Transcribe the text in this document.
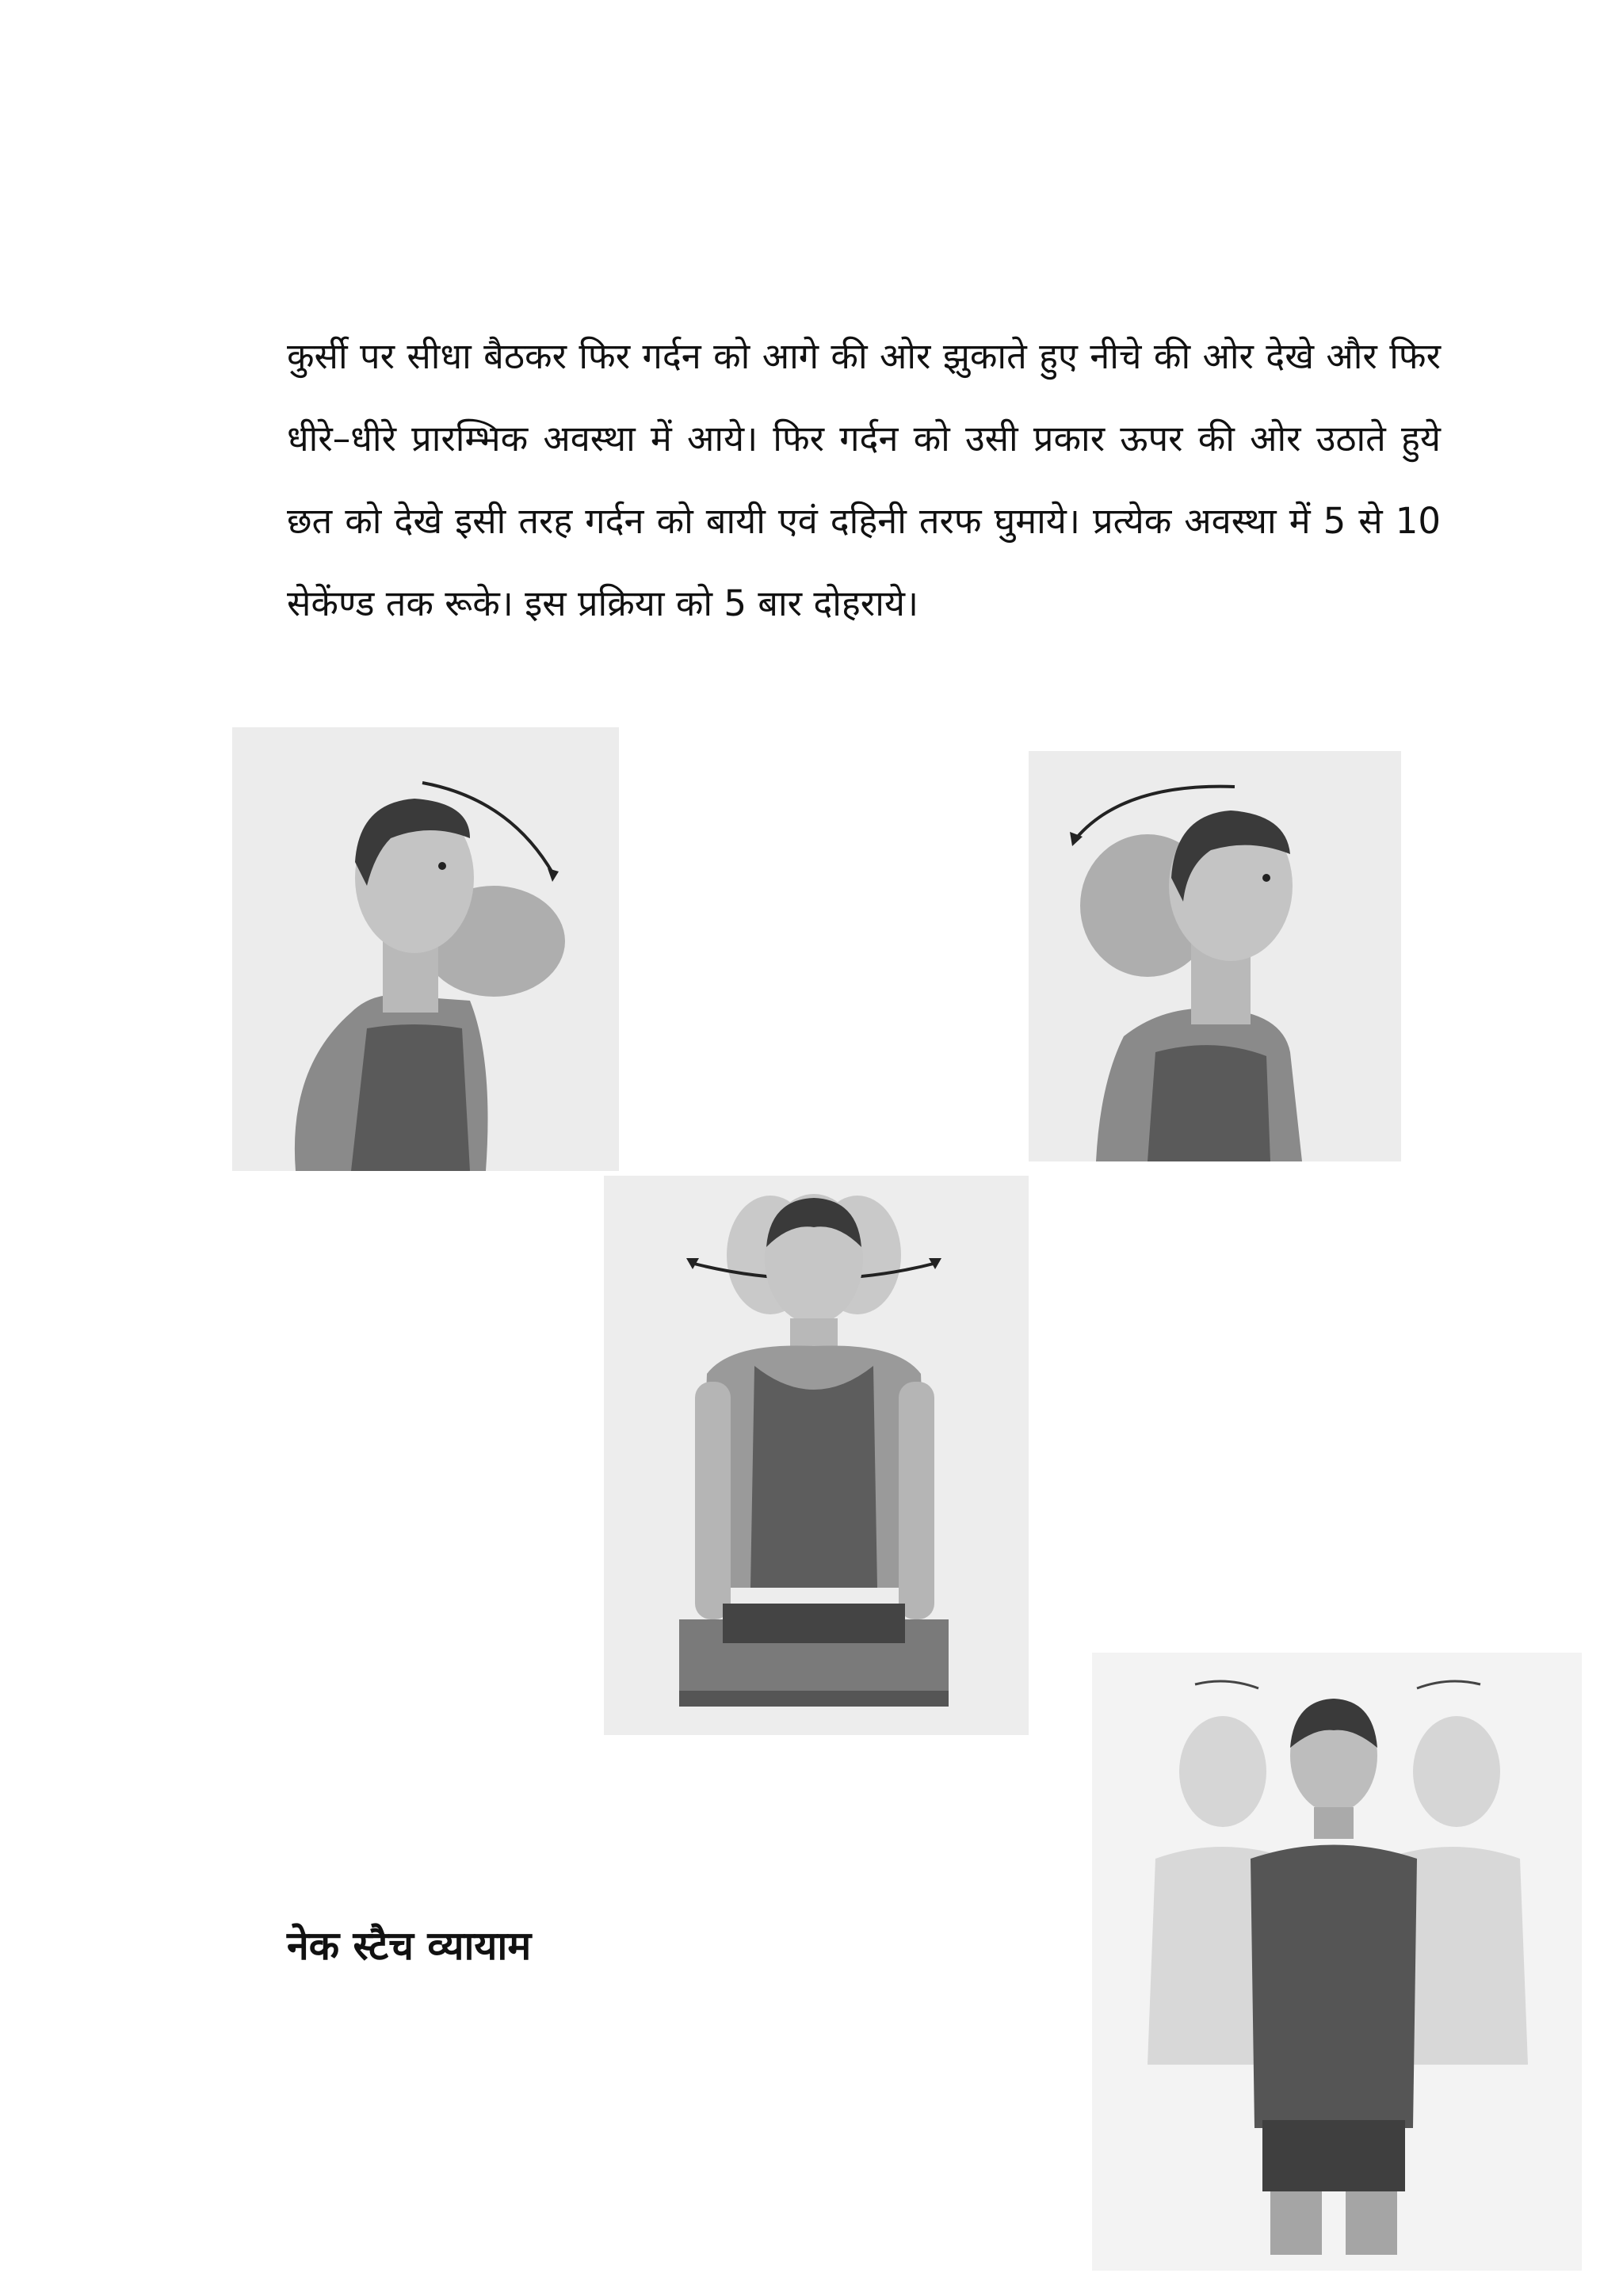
कुर्सी पर सीधा बैठकर फिर गर्दन को आगे की ओर झुकाते हुए नीचे की ओर देखे और फिर धीरे–धीरे प्रारम्भिक अवस्था में आये। फिर गर्दन को उसी प्रकार ऊपर की ओर उठाते हुये छत को देखे इसी तरह गर्दन को बायी एवं दहिनी तरफ घुमाये। प्रत्येक अवस्था में 5 से 10 सेकेंण्ड तक रूके। इस प्रक्रिया को 5 बार दोहराये।

नेक स्टैच व्यायाम
